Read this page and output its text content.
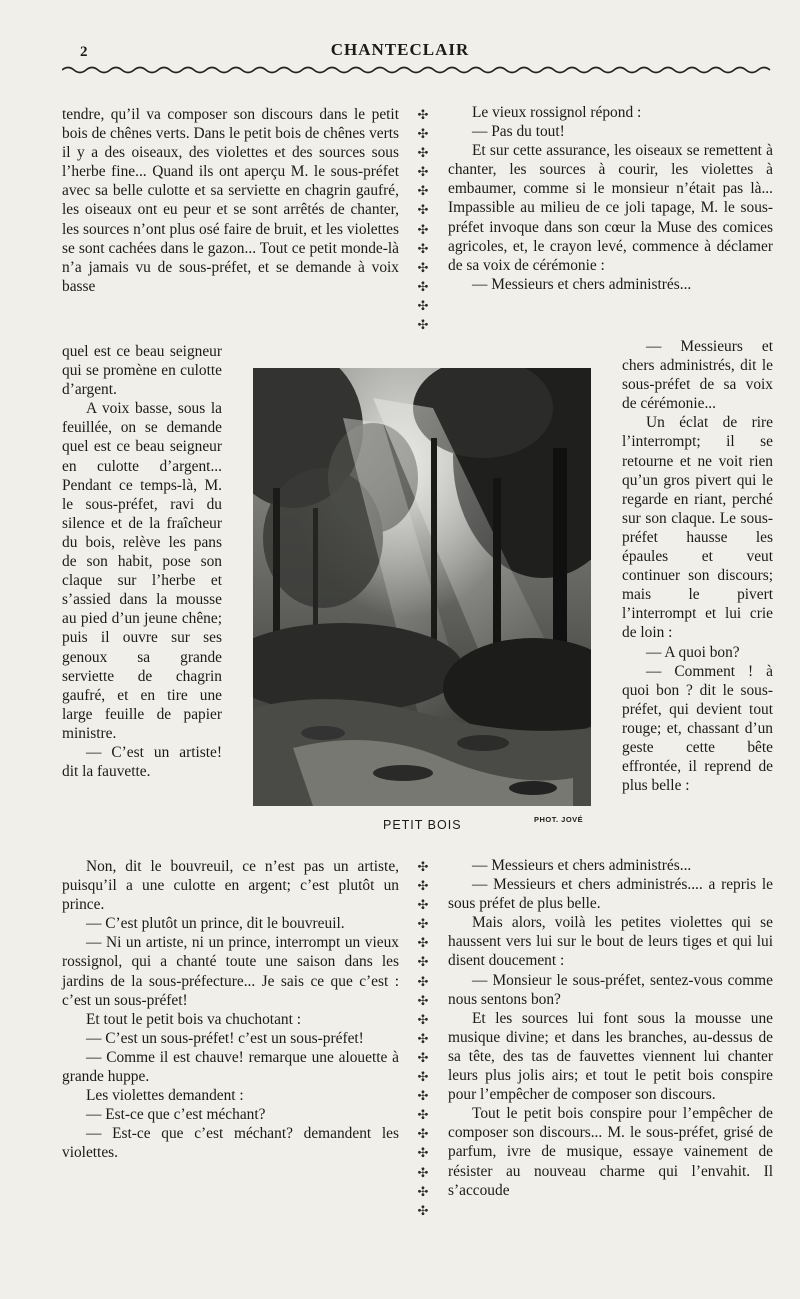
2	CHANTECLAIR

tendre, qu’il va composer son discours dans le petit bois de chênes verts. Dans le petit bois de chênes verts il y a des oiseaux, des violettes et des sources sous l’herbe fine... Quand ils ont aperçu M. le sous-préfet avec sa belle culotte et sa serviette en chagrin gaufré, les oiseaux ont eu peur et se sont arrêtés de chanter, les sources n’ont plus osé faire de bruit, et les violettes se sont cachées dans le gazon... Tout ce petit monde-là n’a jamais vu de sous-préfet, et se demande à voix basse

quel est ce beau seigneur qui se promène en culotte d’argent.

A voix basse, sous la feuillée, on se demande quel est ce beau seigneur en culotte d’argent... Pendant ce temps-là, M. le sous-préfet, ravi du silence et de la fraîcheur du bois, relève les pans de son habit, pose son claque sur l’herbe et s’assied dans la mousse au pied d’un jeune chêne; puis il ouvre sur ses genoux sa grande serviette de chagrin gaufré, et en tire une large feuille de papier ministre.

— C’est un artiste! dit la fauvette.

Non, dit le bouvreuil, ce n’est pas un artiste, puisqu’il a une culotte en argent; c’est plutôt un prince.

— C’est plutôt un prince, dit le bouvreuil.

— Ni un artiste, ni un prince, interrompt un vieux rossignol, qui a chanté toute une saison dans les jardins de la sous-préfecture... Je sais ce que c’est : c’est un sous-préfet!

Et tout le petit bois va chuchotant :

— C’est un sous-préfet! c’est un sous-préfet!

— Comme il est chauve! remarque une alouette à grande huppe.

Les violettes demandent :

— Est-ce que c’est méchant?

— Est-ce que c’est méchant? demandent les violettes.

✣
✣
✣
✣
✣
✣
✣
✣
✣
✣
✣
✣
✣
✣
✣
✣
✣
✣
✣
✣
✣
✣
✣
✣
✣
✣
✣
✣
✣
✣
✣

Le vieux rossignol répond :

— Pas du tout!

Et sur cette assurance, les oiseaux se remettent à chanter, les sources à courir, les violettes à embaumer, comme si le monsieur n’était pas là... Impassible au milieu de ce joli tapage, M. le sous-préfet invoque dans son cœur la Muse des comices agricoles, et, le crayon levé, commence à déclamer de sa voix de cérémonie :

— Messieurs et chers administrés...

— Messieurs et chers administrés, dit le sous-préfet de sa voix de cérémonie...

Un éclat de rire l’interrompt; il se retourne et ne voit rien qu’un gros pivert qui le regarde en riant, perché sur son claque. Le sous-préfet hausse les épaules et veut continuer son discours; mais le pivert l’interrompt et lui crie de loin :

— A quoi bon?

— Comment ! à quoi bon ? dit le sous- préfet, qui devient tout rouge; et, chassant d’un geste cette bête effrontée, il reprend de plus belle :

— Messieurs et chers administrés...

— Messieurs et chers administrés.... a repris le sous préfet de plus belle.

Mais alors, voilà les petites violettes qui se haussent vers lui sur le bout de leurs tiges et qui lui disent doucement :

— Monsieur le sous-préfet, sentez-vous comme nous sentons bon?

Et les sources lui font sous la mousse une musique divine; et dans les branches, au-dessus de sa tête, des tas de fauvettes viennent lui chanter leurs plus jolis airs; et tout le petit bois conspire pour l’empêcher de composer son discours.

Tout le petit bois conspire pour l’empêcher de composer son discours... M. le sous-préfet, grisé de parfum, ivre de musique, essaye vainement de résister au nouveau charme qui l’envahit. Il s’accoude

PETIT BOIS	PHOT. JOVÉ
